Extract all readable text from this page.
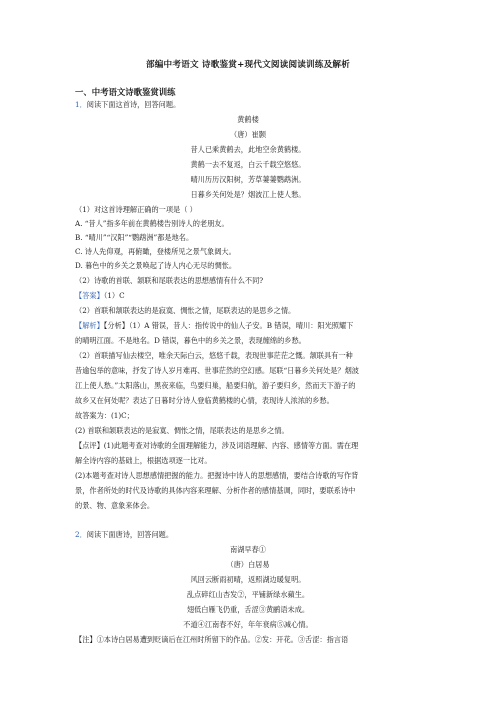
部编中考语文 诗歌鉴赏+现代文阅读阅读训练及解析
一、中考语文诗歌鉴赏训练
1．阅读下面这首诗，回答问题。
黄鹤楼
（唐）崔颢
昔人已乘黄鹤去，此地空余黄鹤楼。
黄鹤一去不复返，白云千载空悠悠。
晴川历历汉阳树，芳草萋萋鹦鹉洲。
日暮乡关何处是？烟波江上使人愁。
（1）对这首诗理解正确的一项是（ ）
A. “昔人”指多年前在黄鹤楼告别诗人的老朋友。
B. “晴川”“汉阳”“鹦鹉洲”都是地名。
C. 诗人先仰观，再俯瞰，登楼所见之景气象阔大。
D. 暮色中的乡关之景唤起了诗人内心无尽的惆怅。
（2）诗歌的首联、颔联和尾联表达的思想感情有什么不同?
【答案】（1）C
（2）首联和颔联表达的是寂寞、惆怅之情，尾联表达的是思乡之情。
【解析】【分析】（1）A 错误，昔人：指传说中的仙人子安。B 错误，晴川：阳光照耀下
的晴明江面。不是地名。D 错误，暮色中的乡关之景，表现缠绵的乡愁。
（2）首联描写仙去楼空，唯余天际白云，悠悠千载，表现世事茫茫之慨。颔联具有一种
昔逾包举的意味，抒发了诗人岁月难再、世事茫然的空幻感。尾联“日暮乡关何处是？烟波
江上使人愁。”太阳落山，黑夜来临，鸟要归巢，船要归航，游子要归乡，然而天下游子的
故乡又在何处呢？表达了日暮时分诗人登临黄鹤楼的心情，表现诗人浓浓的乡愁。
故答案为：(1)C；
(2) 首联和颔联表达的是寂寞、惆怅之情，尾联表达的是思乡之情。
【点评】(1)此题考查对诗歌的全面理解能力，涉及词语理解、内容、感情等方面。需在理
解全诗内容的基础上，根据选项逐一比对。
(2)本题考查对诗人思想感情把握的能力。把握诗中诗人的思想感情，要结合诗歌的写作背
景，作者所处的时代及诗歌的具体内容来理解、分析作者的感情基调，同时，要联系诗中
的景、物、意象来体会。
2．阅读下面唐诗，回答问题。
南湖早春①
（唐）白居易
风回云断雨初晴，返照湖边暖复明。
乱点碎红山杏发②，平铺新绿水蘋生。
翅低白雁飞仍重，舌涩③黄鹂语未成。
不道④江南春不好，年年衰病⑤减心情。
【注】①本诗白居易遭到贬谪后在江州时所留下的作品。②发：开花。③舌涩：指言语
